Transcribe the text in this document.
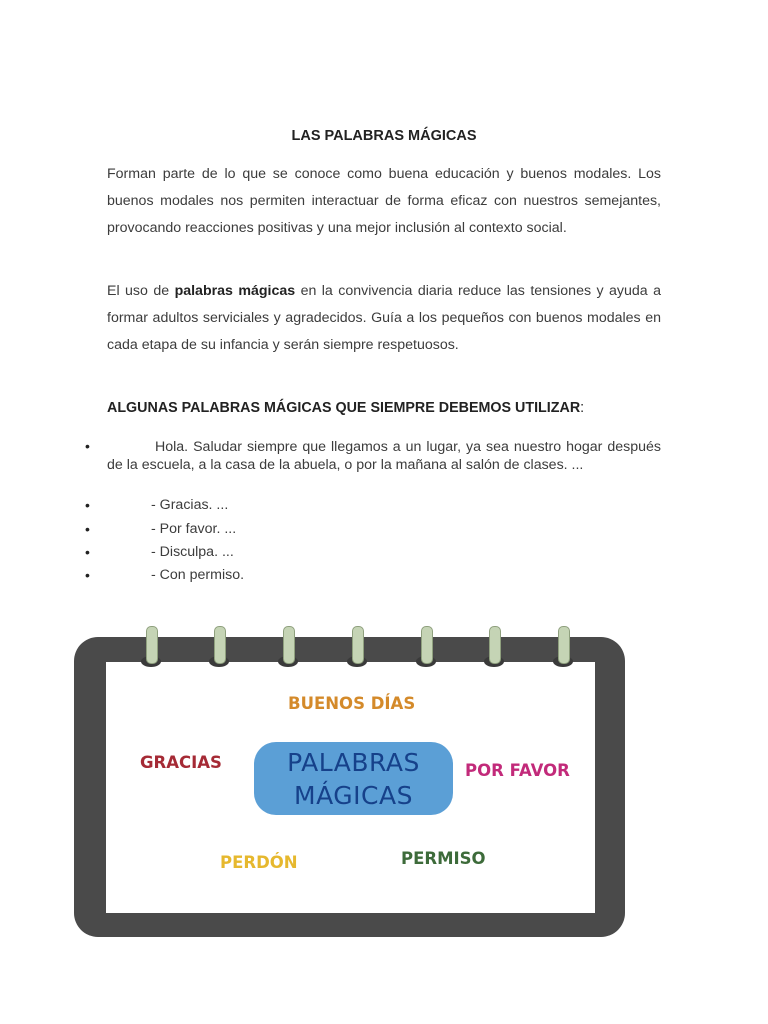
LAS PALABRAS MÁGICAS

Forman parte de lo que se conoce como buena educación y buenos modales. Los buenos modales nos permiten interactuar de forma eficaz con nuestros semejantes, provocando reacciones positivas y una mejor inclusión al contexto social.

El uso de palabras mágicas en la convivencia diaria reduce las tensiones y ayuda a formar adultos serviciales y agradecidos. Guía a los pequeños con buenos modales en cada etapa de su infancia y serán siempre respetuosos.

ALGUNAS PALABRAS MÁGICAS QUE SIEMPRE DEBEMOS UTILIZAR:
•	Hola. Saludar siempre que llegamos a un lugar, ya sea nuestro hogar después de la escuela, a la casa de la abuela, o por la mañana al salón de clases. ...
•	- Gracias. ...
•	- Por favor. ...
•	- Disculpa. ...
•	- Con permiso.
BUENOS DÍAS
GRACIAS	POR FAVOR
PERDÓN	PERMISO
PALABRAS
MÁGICAS
